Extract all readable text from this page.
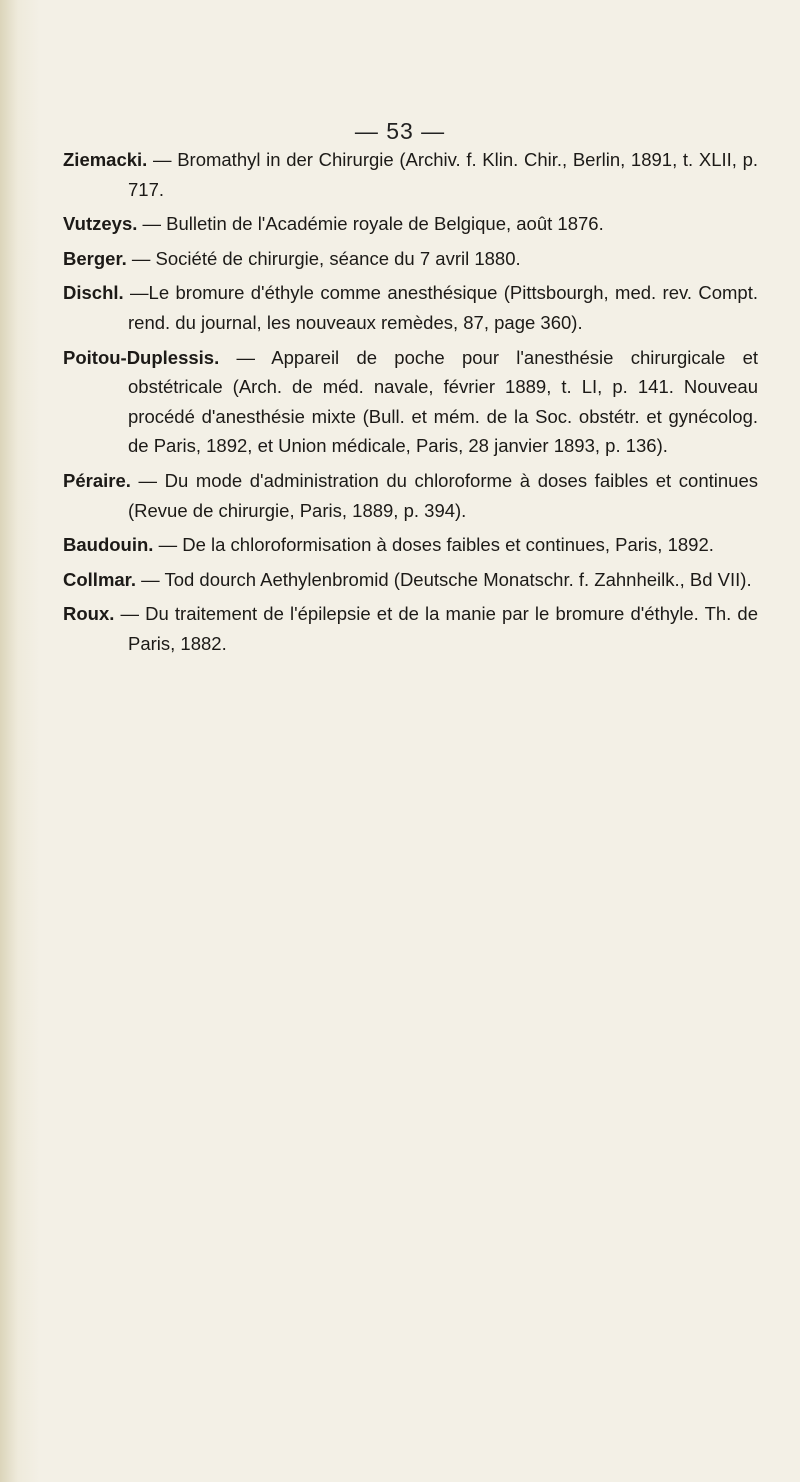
— 53 —

Ziemacki. — Bromathyl in der Chirurgie (Archiv. f. Klin. Chir., Berlin, 1891, t. XLII, p. 717.

Vutzeys. — Bulletin de l'Académie royale de Belgique, août 1876.

Berger. — Société de chirurgie, séance du 7 avril 1880.

Dischl. —Le bromure d'éthyle comme anesthésique (Pittsbourgh, med. rev. Compt. rend. du journal, les nouveaux remèdes, 87, page 360).

Poitou-Duplessis. — Appareil de poche pour l'anesthésie chirurgicale et obstétricale (Arch. de méd. navale, février 1889, t. LI, p. 141. Nouveau procédé d'anesthésie mixte (Bull. et mém. de la Soc. obstétr. et gynécolog. de Paris, 1892, et Union médicale, Paris, 28 janvier 1893, p. 136).

Péraire. — Du mode d'administration du chloroforme à doses faibles et continues (Revue de chirurgie, Paris, 1889, p. 394).

Baudouin. — De la chloroformisation à doses faibles et continues, Paris, 1892.

Collmar. — Tod dourch Aethylenbromid (Deutsche Monatschr. f. Zahnheilk., Bd VII).

Roux. — Du traitement de l'épilepsie et de la manie par le bromure d'éthyle. Th. de Paris, 1882.
